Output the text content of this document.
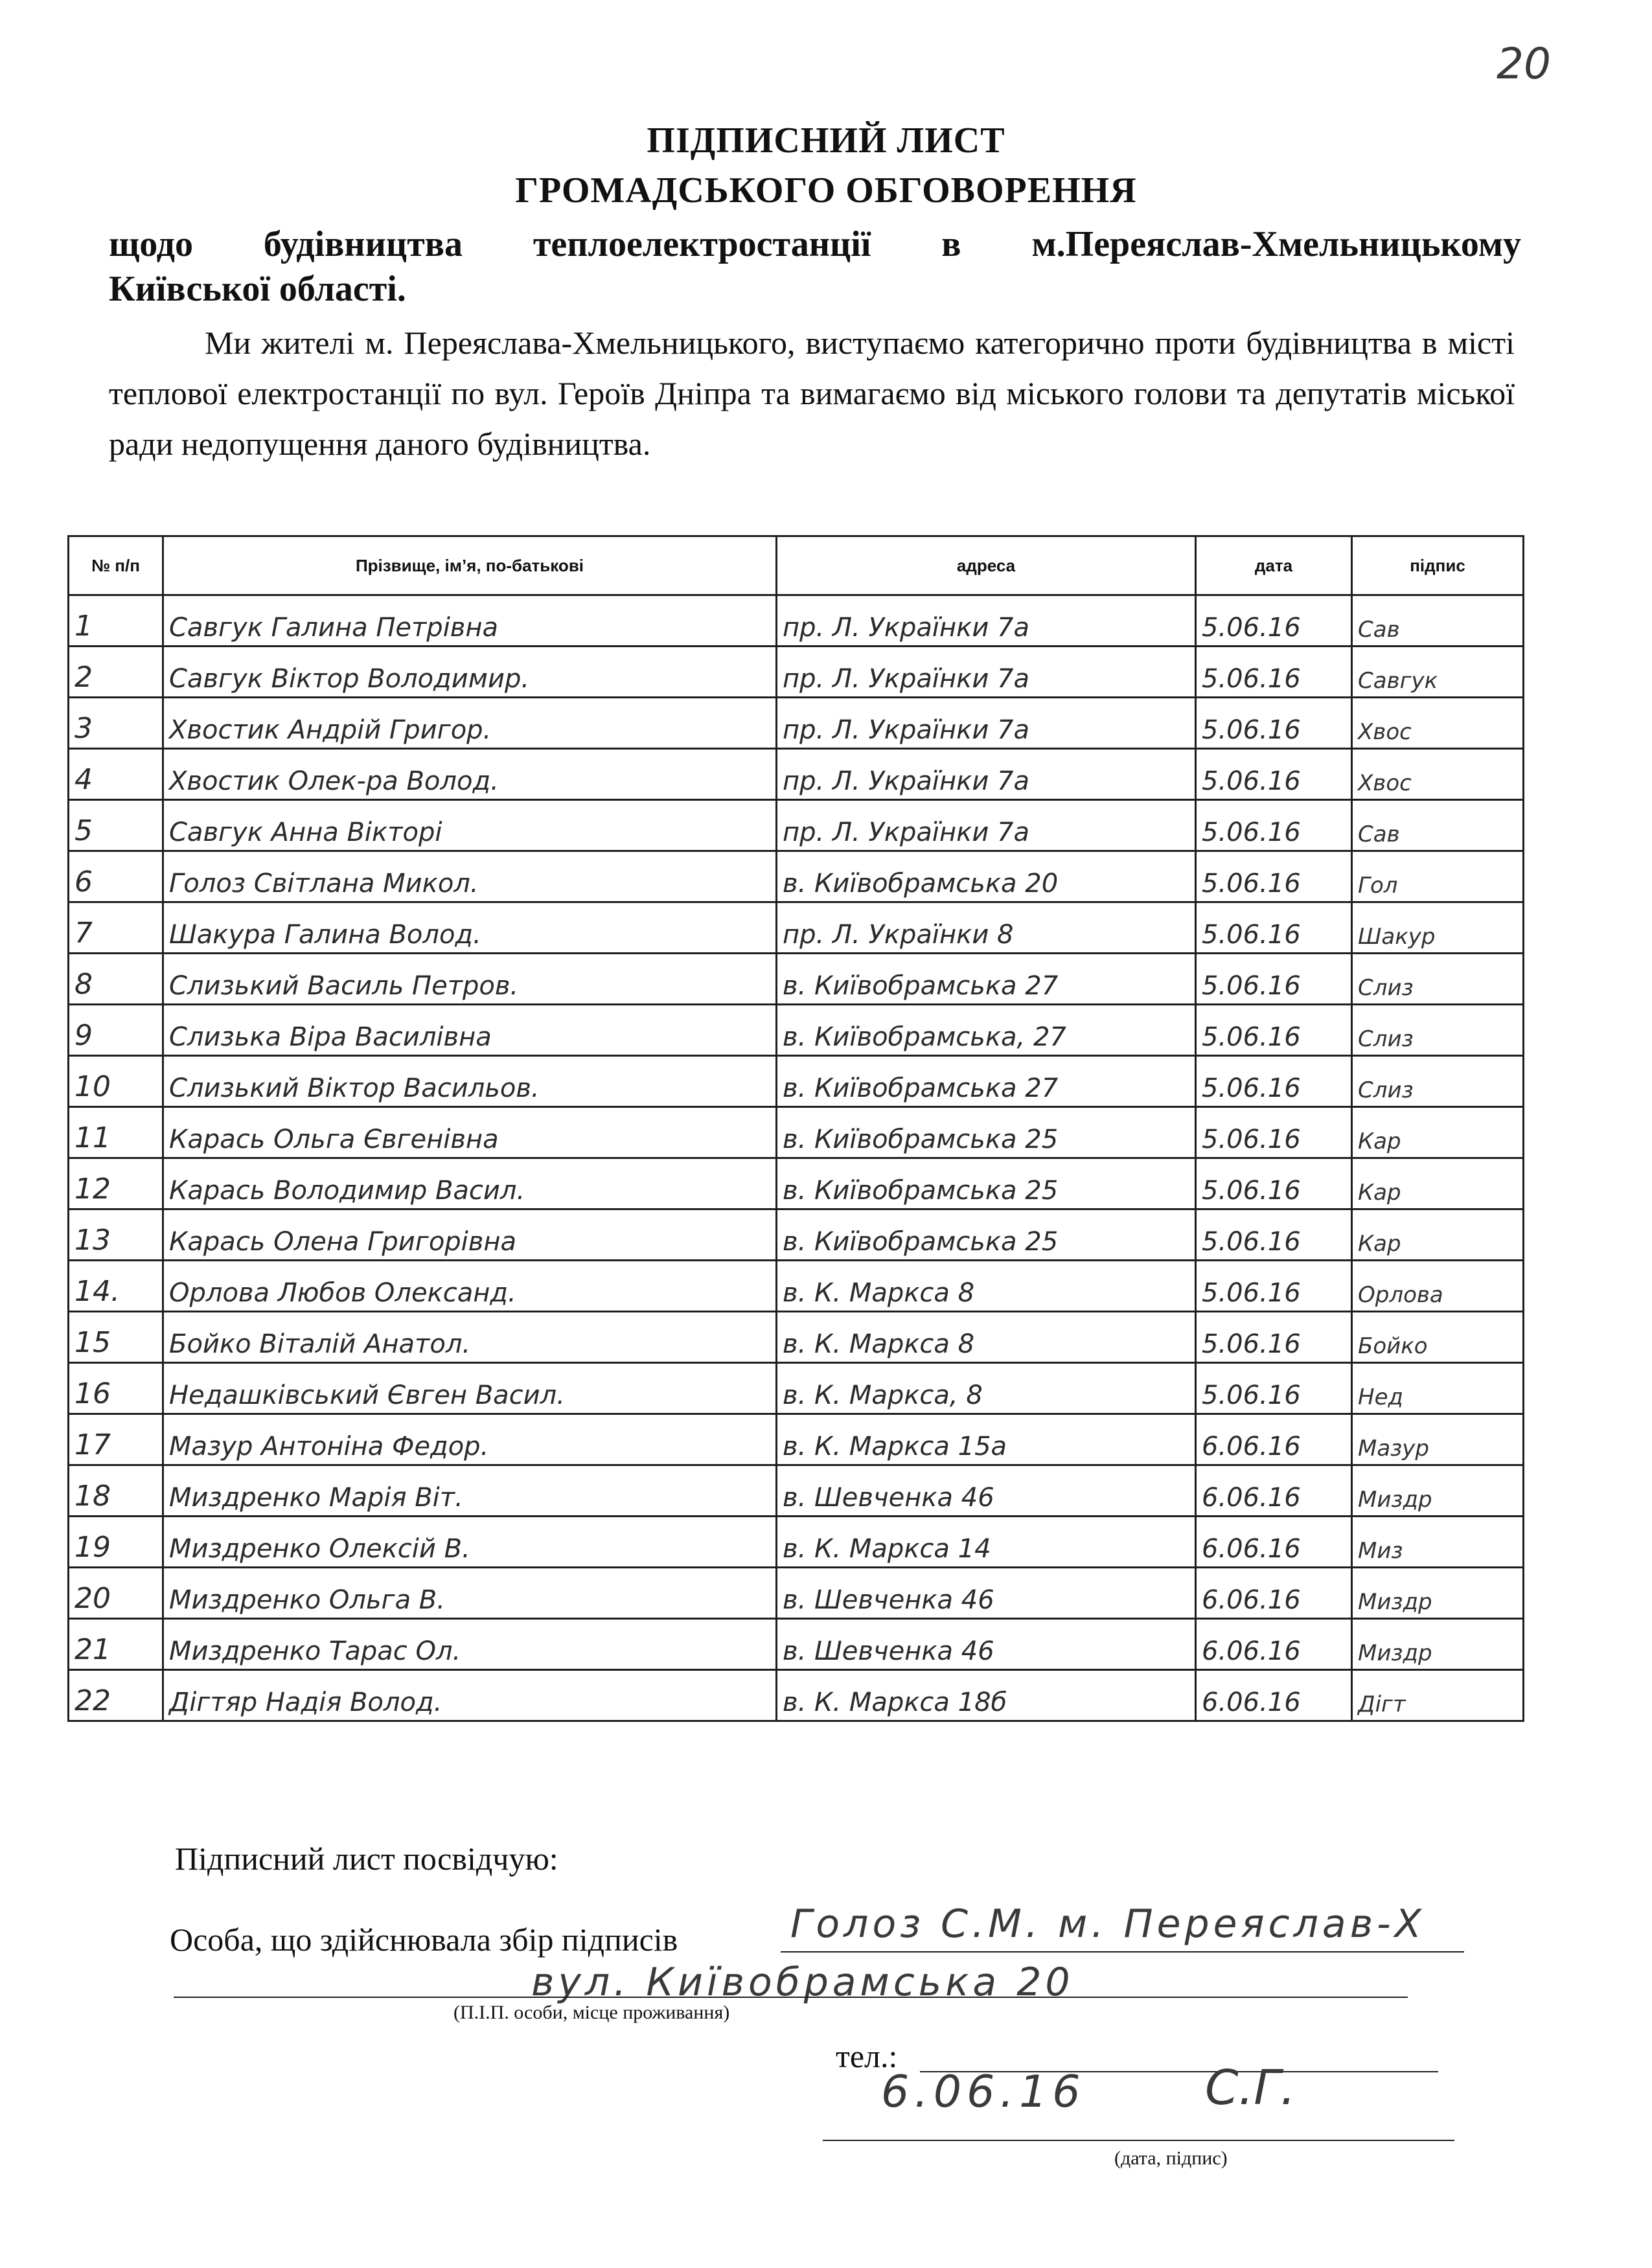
20
ПІДПИСНИЙ ЛИСТ
ГРОМАДСЬКОГО ОБГОВОРЕННЯ
щодо будівництва теплоелектростанції в м.Переяслав-Хмельницькому
Київської області.
Ми жителі м. Переяслава-Хмельницького, виступаємо категорично проти будівництва в місті теплової електростанції по вул. Героїв Дніпра та вимагаємо від міського голови та депутатів міської ради недопущення даного будівництва.
№ п/п	Прізвище, ім’я, по-батькові	адреса	дата	підпис
1	Савгук Галина Петрівна	пр. Л. Українки 7а	5.06.16	Сав
2	Савгук Віктор Володимир.	пр. Л. Українки 7а	5.06.16	Савгук
3	Хвостик Андрій Григор.	пр. Л. Українки 7а	5.06.16	Хвос
4	Хвостик Олек-ра Волод.	пр. Л. Українки 7а	5.06.16	Хвос
5	Савгук Анна Вікторі	пр. Л. Українки 7а	5.06.16	Сав
6	Голоз Світлана Микол.	в. Київобрамська 20	5.06.16	Гол
7	Шакура Галина Волод.	пр. Л. Українки 8	5.06.16	Шакур
8	Слизький Василь Петров.	в. Київобрамська 27	5.06.16	Слиз
9	Слизька Віра Василівна	в. Київобрамська, 27	5.06.16	Слиз
10	Слизький Віктор Васильов.	в. Київобрамська 27	5.06.16	Слиз
11	Карась Ольга Євгенівна	в. Київобрамська 25	5.06.16	Кар
12	Карась Володимир Васил.	в. Київобрамська 25	5.06.16	Кар
13	Карась Олена Григорівна	в. Київобрамська 25	5.06.16	Кар
14.	Орлова Любов Олександ.	в. К. Маркса 8	5.06.16	Орлова
15	Бойко Віталій Анатол.	в. К. Маркса 8	5.06.16	Бойко
16	Недашківський Євген Васил.	в. К. Маркса, 8	5.06.16	Нед
17	Мазур Антоніна Федор.	в. К. Маркса 15а	6.06.16	Мазур
18	Миздренко Марія Віт.	в. Шевченка 46	6.06.16	Миздр
19	Миздренко Олексій В.	в. К. Маркса 14	6.06.16	Миз
20	Миздренко Ольга В.	в. Шевченка 46	6.06.16	Миздр
21	Миздренко Тарас Ол.	в. Шевченка 46	6.06.16	Миздр
22	Дігтяр Надія Волод.	в. К. Маркса 18б	6.06.16	Дігт
Підписний лист посвідчую:
Особа, що здійснювала збір підписів	Голоз С.М. м. Переяслав-Х
вул. Київобрамська 20
(П.І.П. особи, місце проживання)
тел.:
6.06.16 С.Г.
(дата, підпис)
